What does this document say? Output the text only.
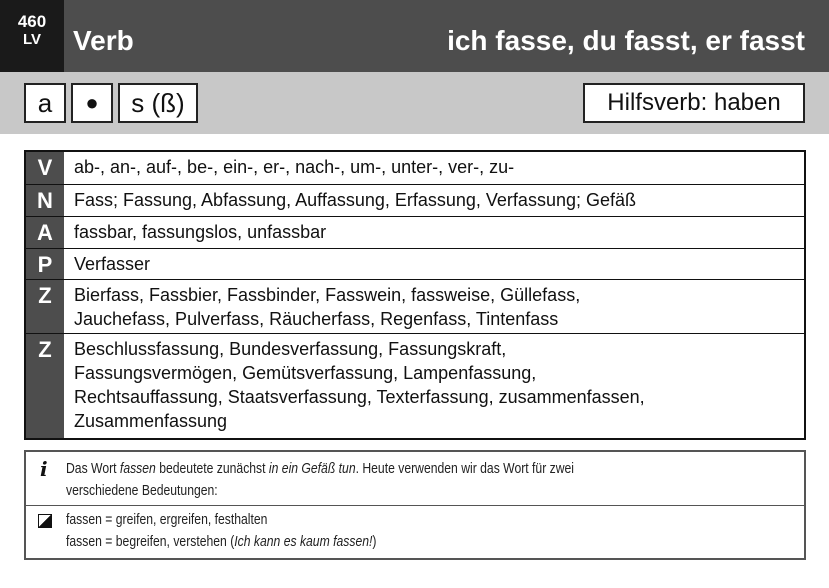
460
LV	Verb	ich fasse, du fasst, er fasst
a	●	s (ß)	Hilfsverb: haben
V	ab-, an-, auf-, be-, ein-, er-, nach-, um-, unter-, ver-, zu-
N	Fass; Fassung, Abfassung, Auffassung, Erfassung, Verfassung; Gefäß
A	fassbar, fassungslos, unfassbar
P	Verfasser
Z	Bierfass, Fassbier, Fassbinder, Fasswein, fassweise, Güllefass,
Jauchefass, Pulverfass, Räucherfass, Regenfass, Tintenfass
Z	Beschlussfassung, Bundesverfassung, Fassungskraft,
Fassungsvermögen, Gemütsverfassung, Lampenfassung,
Rechtsauffassung, Staatsverfassung, Texterfassung, zusammenfassen,
Zusammenfassung
i Das Wort fassen bedeutete zunächst in ein Gefäß tun. Heute verwenden wir das Wort für zwei
verschiedene Bedeutungen:
fassen = greifen, ergreifen, festhalten
fassen = begreifen, verstehen (Ich kann es kaum fassen!)
